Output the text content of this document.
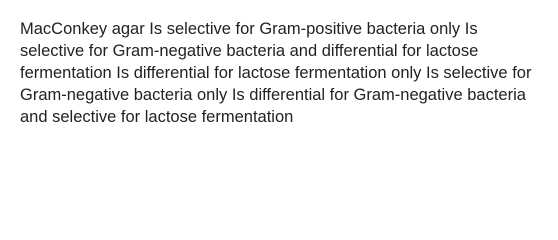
MacConkey agar Is selective for Gram-positive bacteria only Is selective for Gram-negative bacteria and differential for lactose fermentation Is differential for lactose fermentation only Is selective for Gram-negative bacteria only Is differential for Gram-negative bacteria and selective for lactose fermentation
